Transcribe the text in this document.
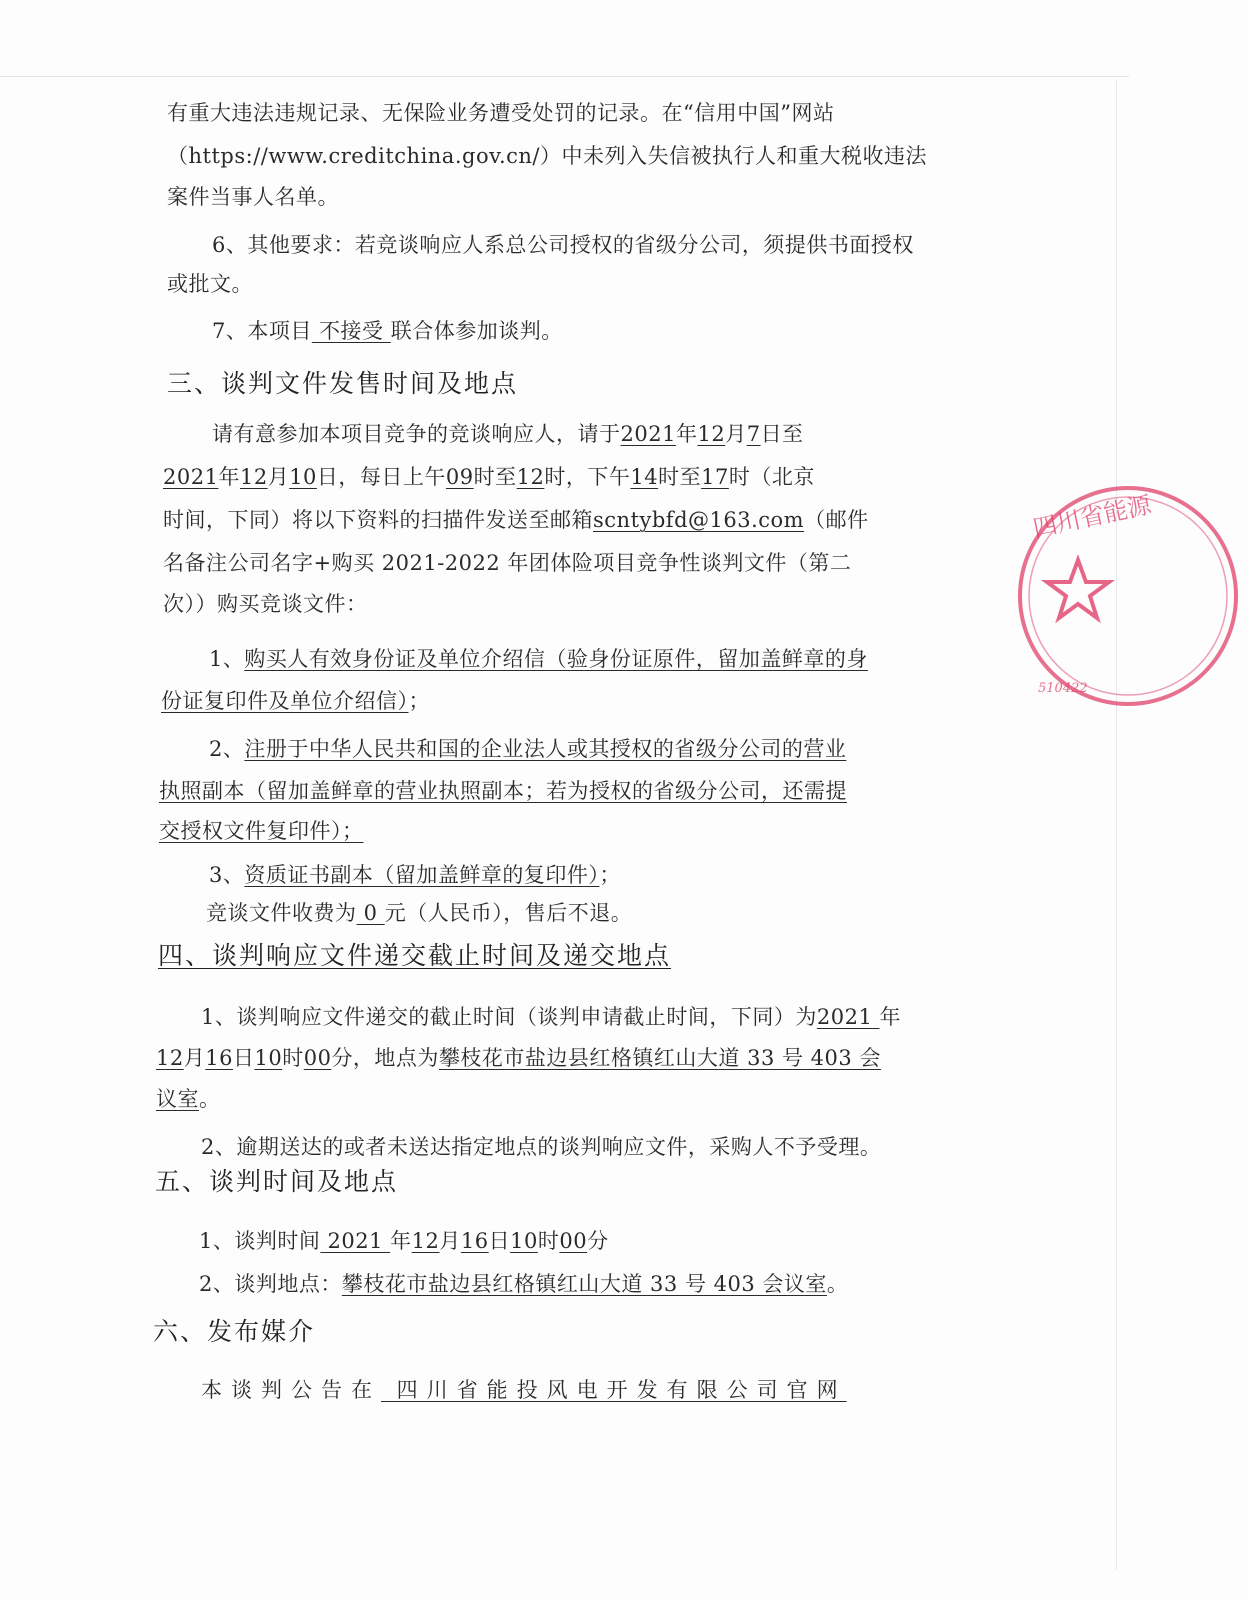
有重大违法违规记录、无保险业务遭受处罚的记录。在“信用中国”网站
（https://www.creditchina.gov.cn/）中未列入失信被执行人和重大税收违法
案件当事人名单。
6、其他要求：若竞谈响应人系总公司授权的省级分公司，须提供书面授权
或批文。
7、本项目 不接受 联合体参加谈判。
三、谈判文件发售时间及地点
请有意参加本项目竞争的竞谈响应人，请于2021年12月7日至
2021年12月10日，每日上午09时至12时，下午14时至17时（北京
时间，下同）将以下资料的扫描件发送至邮箱scntybfd@163.com（邮件
名备注公司名字+购买 2021-2022 年团体险项目竞争性谈判文件（第二
次））购买竞谈文件：
1、购买人有效身份证及单位介绍信（验身份证原件，留加盖鲜章的身
份证复印件及单位介绍信）；
2、注册于中华人民共和国的企业法人或其授权的省级分公司的营业
执照副本（留加盖鲜章的营业执照副本；若为授权的省级分公司，还需提
交授权文件复印件）；
3、资质证书副本（留加盖鲜章的复印件）；
竞谈文件收费为 0 元（人民币），售后不退。
四、谈判响应文件递交截止时间及递交地点
1、谈判响应文件递交的截止时间（谈判申请截止时间，下同）为2021 年
12月16日10时00分，地点为攀枝花市盐边县红格镇红山大道 33 号 403 会
议室。
2、逾期送达的或者未送达指定地点的谈判响应文件，采购人不予受理。
五、谈判时间及地点
1、谈判时间 2021 年12月16日10时00分
2、谈判地点：攀枝花市盐边县红格镇红山大道 33 号 403 会议室。
六、发布媒介
本谈判公告在 四川省能投风电开发有限公司官网
四川省能源
510422
